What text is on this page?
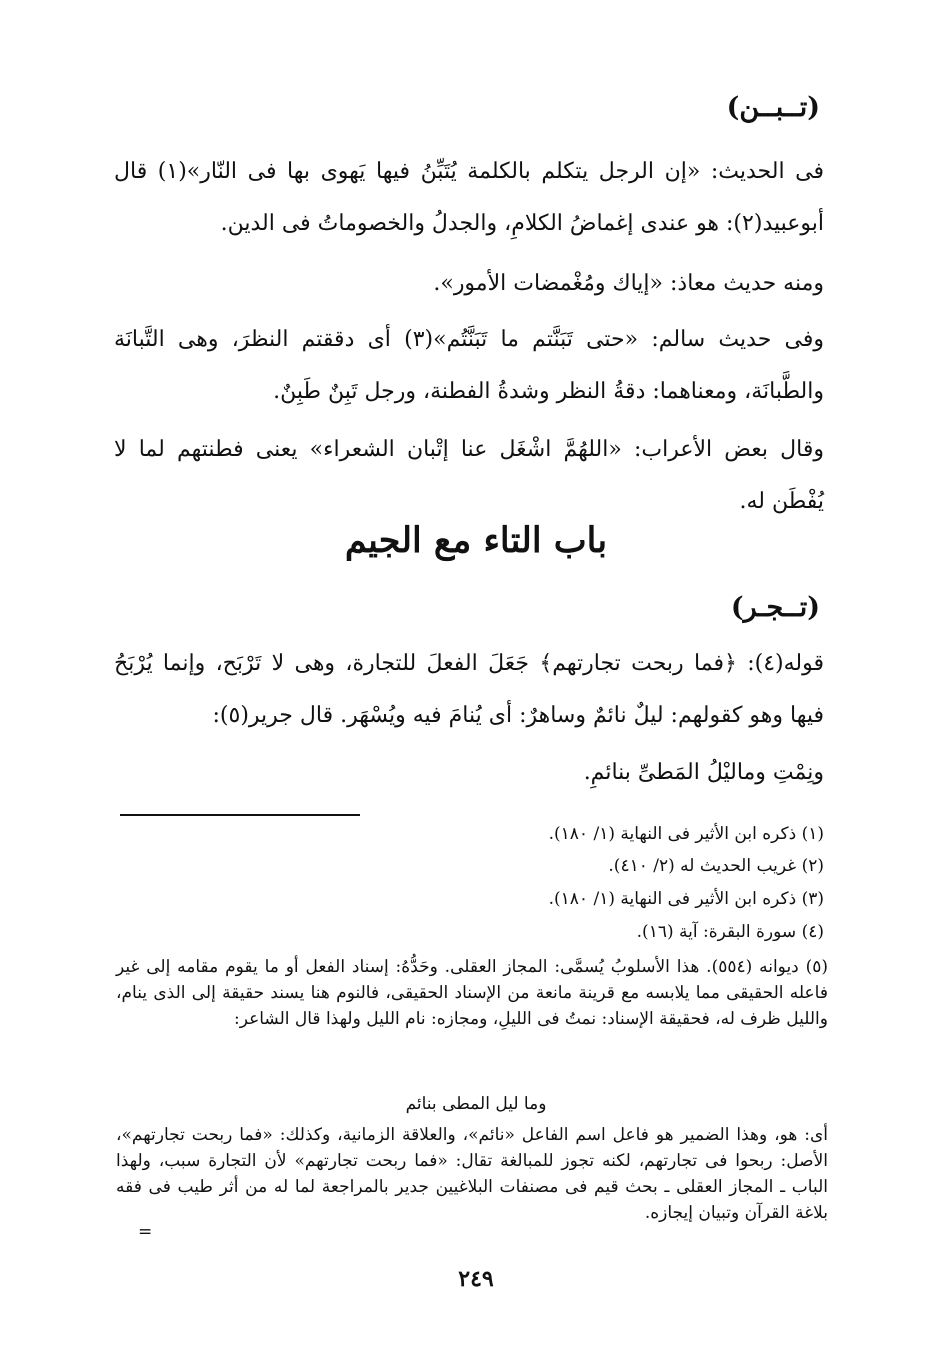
(تــبــن)
فى الحديث: «إن الرجل يتكلم بالكلمة يُتَبِّنُ فيها يَهوى بها فى النّار»(١) قال أبوعبيد(٢): هو عندى إغماضُ الكلامِ، والجدلُ والخصوماتُ فى الدين.
ومنه حديث معاذ: «إياك ومُغْمضات الأمور».
وفى حديث سالم: «حتى تَبَنَّتم ما تَبَنَّتُم»(٣) أى دققتم النظرَ، وهى التَّبانَة والطَّبانَة، ومعناهما: دقةُ النظر وشدةُ الفطنة، ورجل تَبِنٌ طَبِنٌ.
وقال بعض الأعراب: «اللهُمَّ اشْغَل عنا إتْبان الشعراء» يعنى فطنتهم لما لا يُفْطَن له.
باب التاء مع الجيم
(تــجـر)
قوله(٤): ﴿فما ربحت تجارتهم﴾ جَعَلَ الفعلَ للتجارة، وهى لا تَرْبَح، وإنما يُرْبَحُ فيها وهو كقولهم: ليلٌ نائمٌ وساهرٌ: أى يُنامَ فيه ويُسْهَر. قال جرير(٥):
ونِمْتِ وماليْلُ المَطىِّ بنائمِ.
(١) ذكره ابن الأثير فى النهاية (١/ ١٨٠).
(٢) غريب الحديث له (٢/ ٤١٠).
(٣) ذكره ابن الأثير فى النهاية (١/ ١٨٠).
(٤) سورة البقرة: آية (١٦).
(٥) ديوانه (٥٥٤). هذا الأسلوبُ يُسمَّى: المجاز العقلى. وحَدُّهُ: إسناد الفعل أو ما يقوم مقامه إلى غير فاعله الحقيقى مما يلابسه مع قرينة مانعة من الإسناد الحقيقى، فالنوم هنا يسند حقيقة إلى الذى ينام، والليل ظرف له، فحقيقة الإسناد: نمتُ فى الليلِ، ومجازه: نام الليل ولهذا قال الشاعر:
وما ليل المطى بنائم
أى: هو، وهذا الضمير هو فاعل اسم الفاعل «نائم»، والعلاقة الزمانية، وكذلك: «فما ربحت تجارتهم»، الأصل: ربحوا فى تجارتهم، لكنه تجوز للمبالغة تقال: «فما ربحت تجارتهم» لأن التجارة سبب، ولهذا الباب ـ المجاز العقلى ـ بحث قيم فى مصنفات البلاغيين جدير بالمراجعة لما له من أثر طيب فى فقه بلاغة القرآن وتبيان إيجازه.
=
٢٤٩
